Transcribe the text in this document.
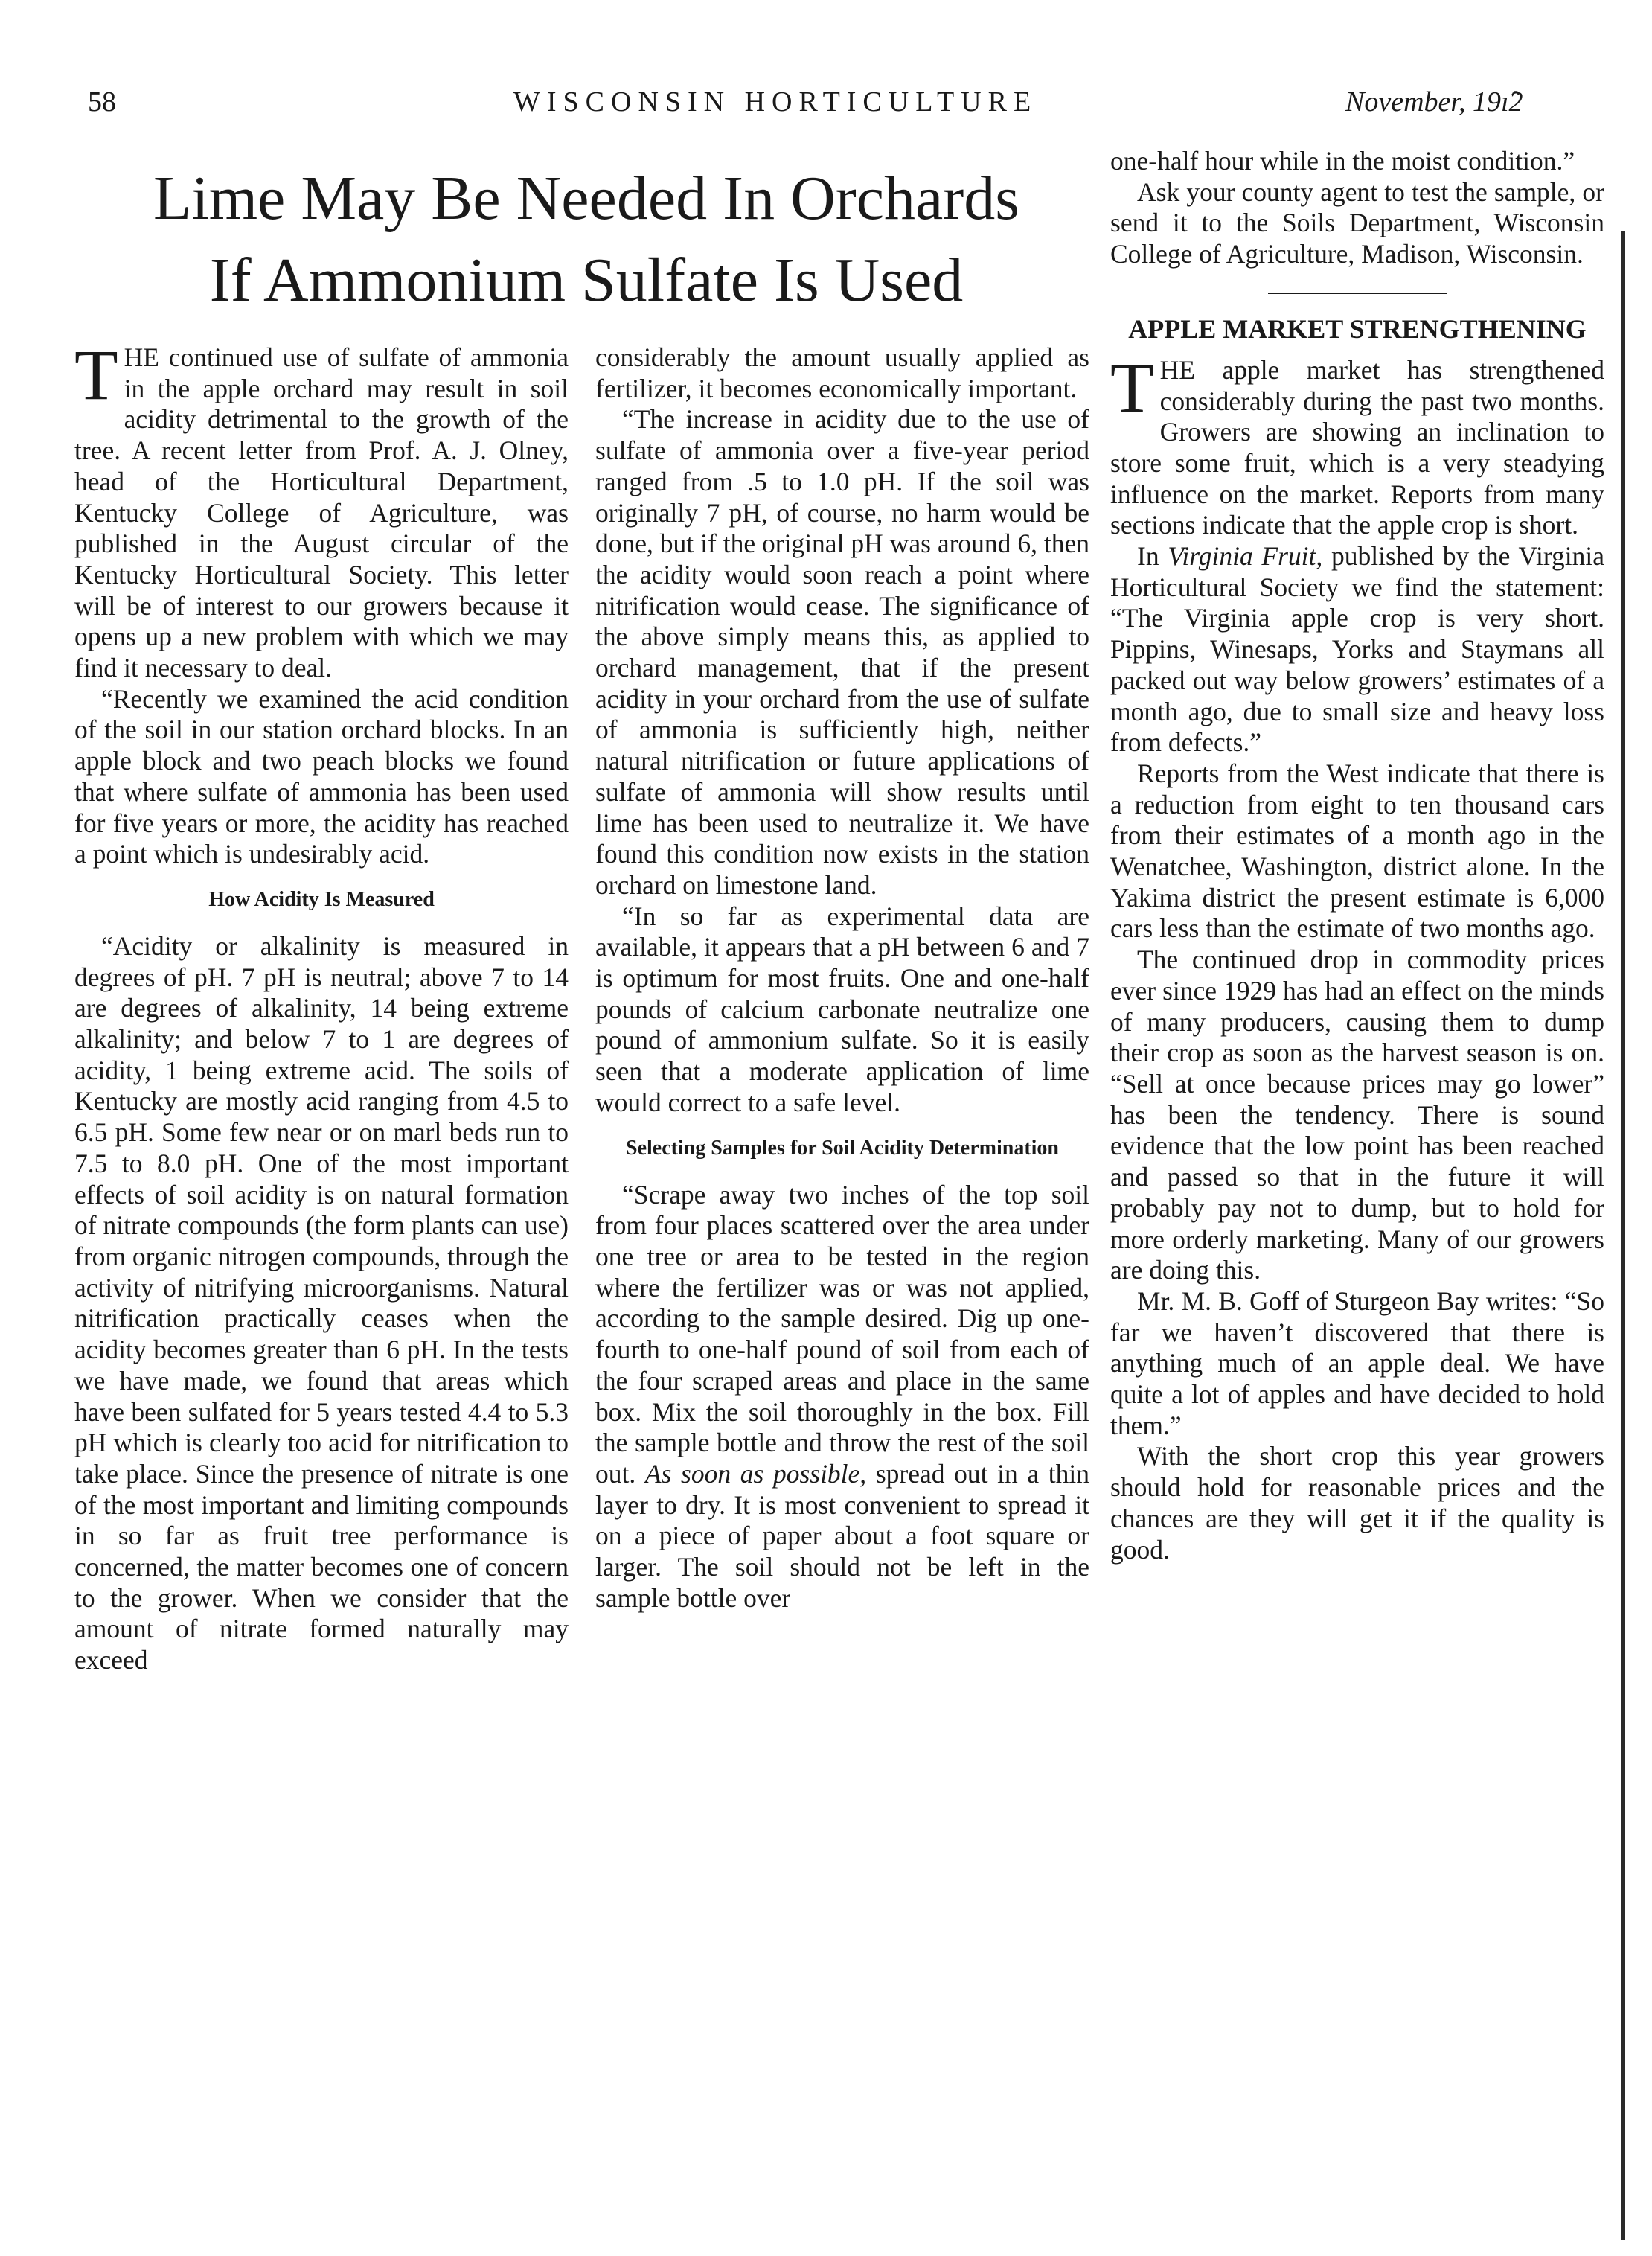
58	WISCONSIN HORTICULTURE	November, 19ı̂2
Lime May Be Needed In Orchards
If Ammonium Sulfate Is Used

THE continued use of sulfate of ammonia in the apple orchard may result in soil acidity detrimental to the growth of the tree. A recent letter from Prof. A. J. Olney, head of the Horticultural Department, Kentucky College of Agriculture, was published in the August circular of the Kentucky Horticultural Society. This letter will be of interest to our growers because it opens up a new problem with which we may find it necessary to deal.

“Recently we examined the acid condition of the soil in our station orchard blocks. In an apple block and two peach blocks we found that where sulfate of ammonia has been used for five years or more, the acidity has reached a point which is undesirably acid.

How Acidity Is Measured

“Acidity or alkalinity is measured in degrees of pH. 7 pH is neutral; above 7 to 14 are degrees of alkalinity, 14 being extreme alkalinity; and below 7 to 1 are degrees of acidity, 1 being extreme acid. The soils of Kentucky are mostly acid ranging from 4.5 to 6.5 pH. Some few near or on marl beds run to 7.5 to 8.0 pH. One of the most important effects of soil acidity is on natural formation of nitrate compounds (the form plants can use) from organic nitrogen compounds, through the activity of nitrifying microorganisms. Natural nitrification practically ceases when the acidity becomes greater than 6 pH. In the tests we have made, we found that areas which have been sulfated for 5 years tested 4.4 to 5.3 pH which is clearly too acid for nitrification to take place. Since the presence of nitrate is one of the most important and limiting compounds in so far as fruit tree performance is concerned, the matter becomes one of concern to the grower. When we consider that the amount of nitrate formed naturally may exceed

considerably the amount usually applied as fertilizer, it becomes economically important.

“The increase in acidity due to the use of sulfate of ammonia over a five-year period ranged from .5 to 1.0 pH. If the soil was originally 7 pH, of course, no harm would be done, but if the original pH was around 6, then the acidity would soon reach a point where nitrification would cease. The significance of the above simply means this, as applied to orchard management, that if the present acidity in your orchard from the use of sulfate of ammonia is sufficiently high, neither natural nitrification or future applications of sulfate of ammonia will show results until lime has been used to neutralize it. We have found this condition now exists in the station orchard on limestone land.

“In so far as experimental data are available, it appears that a pH between 6 and 7 is optimum for most fruits. One and one-half pounds of calcium carbonate neutralize one pound of ammonium sulfate. So it is easily seen that a moderate application of lime would correct to a safe level.

Selecting Samples for Soil Acidity Determination

“Scrape away two inches of the top soil from four places scattered over the area under one tree or area to be tested in the region where the fertilizer was or was not applied, according to the sample desired. Dig up one-fourth to one-half pound of soil from each of the four scraped areas and place in the same box. Mix the soil thoroughly in the box. Fill the sample bottle and throw the rest of the soil out. As soon as possible, spread out in a thin layer to dry. It is most convenient to spread it on a piece of paper about a foot square or larger. The soil should not be left in the sample bottle over

one-half hour while in the moist condition.”

Ask your county agent to test the sample, or send it to the Soils Department, Wisconsin College of Agriculture, Madison, Wisconsin.

APPLE MARKET STRENGTHENING

THE apple market has strengthened considerably during the past two months. Growers are showing an inclination to store some fruit, which is a very steadying influence on the market. Reports from many sections indicate that the apple crop is short.

In Virginia Fruit, published by the Virginia Horticultural Society we find the statement: “The Virginia apple crop is very short. Pippins, Winesaps, Yorks and Staymans all packed out way below growers’ estimates of a month ago, due to small size and heavy loss from defects.”

Reports from the West indicate that there is a reduction from eight to ten thousand cars from their estimates of a month ago in the Wenatchee, Washington, district alone. In the Yakima district the present estimate is 6,000 cars less than the estimate of two months ago.

The continued drop in commodity prices ever since 1929 has had an effect on the minds of many producers, causing them to dump their crop as soon as the harvest season is on. “Sell at once because prices may go lower” has been the tendency. There is sound evidence that the low point has been reached and passed so that in the future it will probably pay not to dump, but to hold for more orderly marketing. Many of our growers are doing this.

Mr. M. B. Goff of Sturgeon Bay writes: “So far we haven’t discovered that there is anything much of an apple deal. We have quite a lot of apples and have decided to hold them.”

With the short crop this year growers should hold for reasonable prices and the chances are they will get it if the quality is good.
